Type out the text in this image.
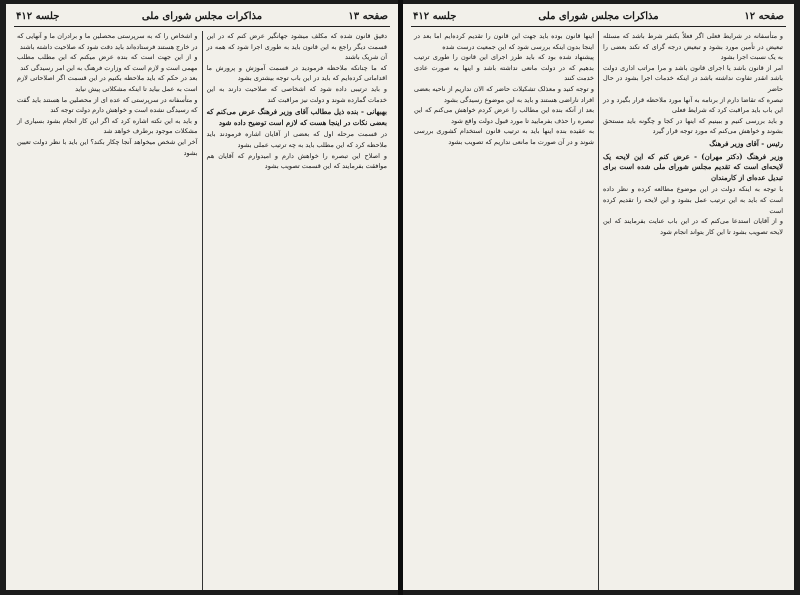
صفحه ۱۳
مذاکرات مجلس شورای ملی
جلسه ۴۱۲

دقیق قانون شده که مکلف میشود جهانگیر عرض کنم که در این قسمت دیگر راجع به این قانون باید به طوری اجرا شود که همه در آن شریک باشند

که ما چنانکه ملاحظه فرمودید در قسمت آموزش و پرورش ما اقداماتی کرده‌ایم که باید در این باب توجه بیشتری بشود

و باید ترتیبی داده شود که اشخاصی که صلاحیت دارند به این خدمات گمارده شوند و دولت نیز مراقبت کند

بهبهانی - بنده ذیل مطالب آقای وزیر فرهنگ عرض می‌کنم که بعضی نکات در اینجا هست که لازم است توضیح داده شود

در قسمت مرحله اول که بعضی از آقایان اشاره فرمودند باید ملاحظه کرد که این مطلب باید به چه ترتیب عملی بشود

و اصلاح این تبصره را خواهش دارم و امیدوارم که آقایان هم موافقت بفرمایند که این قسمت تصویب بشود

و اشخاص را که به سرپرستی محصلین ما و برادران ما و آنهایی که در خارج هستند فرستاده‌اند باید دقت شود که صلاحیت داشته باشند

و از این جهت است که بنده عرض میکنم که این مطلب مطلب مهمی است و لازم است که وزارت فرهنگ به این امر رسیدگی کند

بعد در حکم که باید ملاحظه بکنیم در این قسمت اگر اصلاحاتی لازم است به عمل بیاید تا اینکه مشکلاتی پیش نیاید

و متأسفانه در سرپرستی که عده ای از محصلین ما هستند باید گفت که رسیدگی نشده است و خواهش دارم دولت توجه کند

و باید به این نکته اشاره کرد که اگر این کار انجام بشود بسیاری از مشکلات موجود برطرف خواهد شد

آخر این شخص میخواهد آنجا چکار بکند؟ این باید با نظر دولت تعیین بشود

صفحه ۱۲
مذاکرات مجلس شورای ملی
جلسه ۴۱۲

و متأسفانه در شرایط فعلی اگر فعلاً بکنفر شرط باشد که مسئله تبعیض در تأمین مورد بشود و تبعیض درجه گرای که نکند بعضی را به یک نسبت اجرا بشود

امر از قانون باشد یا اجرای قانون باشد و مرا مراتب اداری دولت باشد انقدر تفاوت نداشته باشد در اینکه خدمات اجرا بشود در حال حاضر

تبصره که تقاضا دارم از برنامه به آنها مورد ملاحظه قرار بگیرد و در این باب باید مراقبت کرد که شرایط فعلی

و باید بررسی کنیم و ببینیم که اینها در کجا و چگونه باید مستحق بشوند و خواهش می‌کنم که مورد توجه قرار گیرد

رئیس - آقای وزیر فرهنگ

وزیر فرهنگ (دکتر مهران) - عرض کنم که این لایحه یک لایحه‌ای است که تقدیم مجلس شورای ملی شده است برای تبدیل عده‌ای از کارمندان

با توجه به اینکه دولت در این موضوع مطالعه کرده و نظر داده است که باید به این ترتیب عمل بشود و این لایحه را تقدیم کرده است

و از آقایان استدعا می‌کنم که در این باب عنایت بفرمایند که این لایحه تصویب بشود تا این کار بتواند انجام شود

اینها قانون بوده باید جهت این قانون را تقدیم کرده‌ایم اما بعد در اینجا بدون اینکه بررسی شود که این جمعیت درست شده

پیشنهاد شده بود که باید طرز اجرای این قانون را طوری ترتیب بدهیم که در دولت مانعی نداشته باشد و اینها به صورت عادی خدمت کنند

و توجه کنید و معذلک تشکیلات حاضر که الان نداریم از ناحیه بعضی افراد ناراضی هستند و باید به این موضوع رسیدگی بشود

بعد از آنکه بنده این مطالب را عرض کردم خواهش می‌کنم که این تبصره را حذف بفرمایید تا مورد قبول دولت واقع شود

به عقیده بنده اینها باید به ترتیب قانون استخدام کشوری بررسی شوند و در آن صورت ما مانعی نداریم که تصویب بشود
